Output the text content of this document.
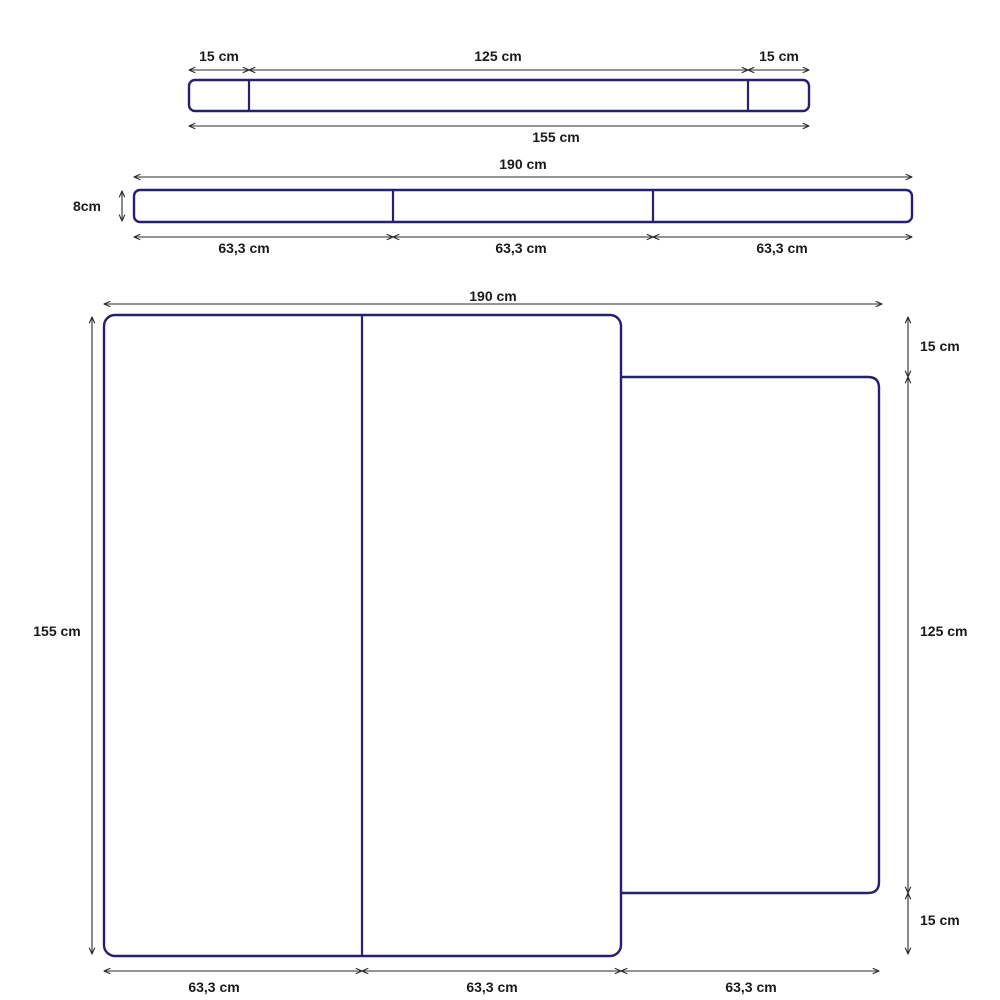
15 cm	125 cm	15 cm
155 cm
190 cm
8cm
63,3 cm	63,3 cm	63,3 cm
190 cm
155 cm
15 cm
125 cm
15 cm
63,3 cm	63,3 cm	63,3 cm
